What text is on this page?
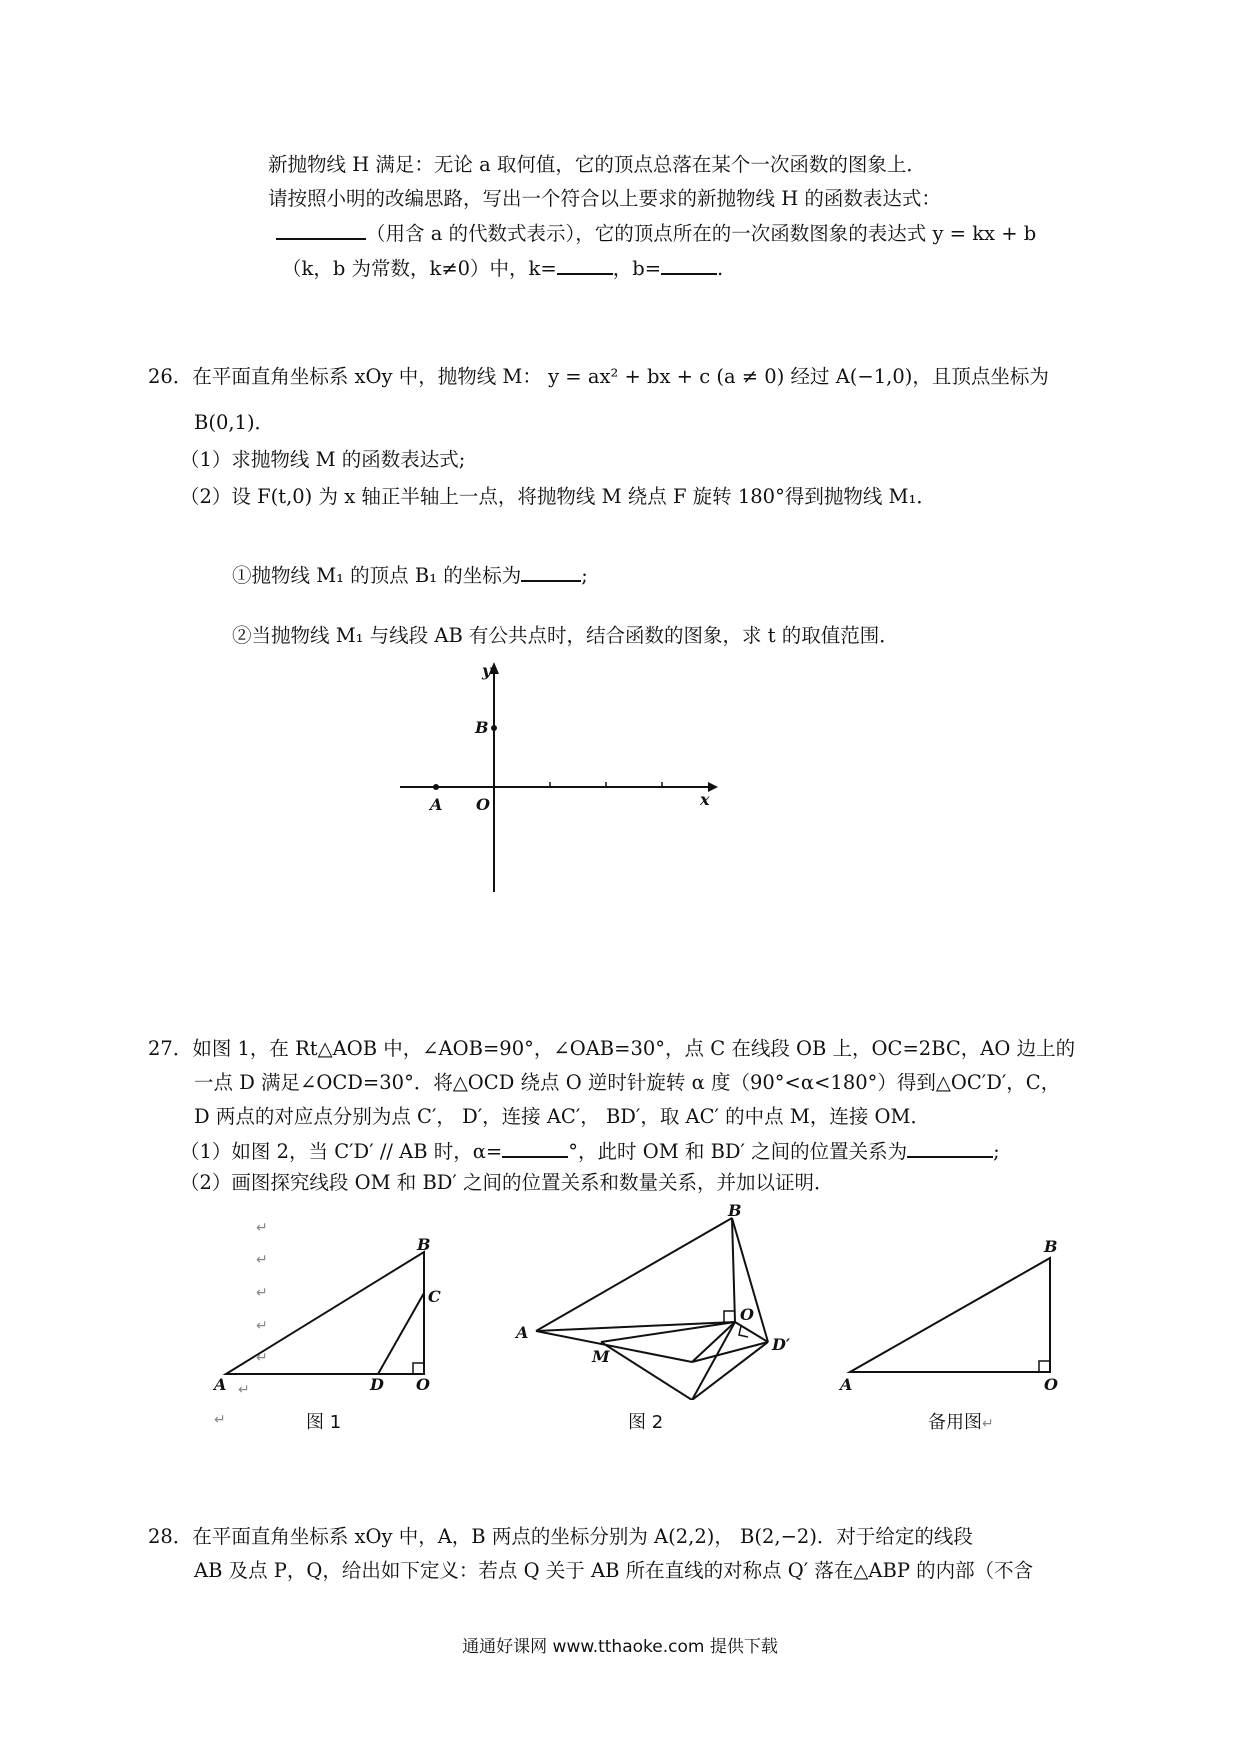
新抛物线 H 满足：无论 a 取何值，它的顶点总落在某个一次函数的图象上．
请按照小明的改编思路，写出一个符合以上要求的新抛物线 H 的函数表达式：
（用含 a 的代数式表示），它的顶点所在的一次函数图象的表达式 y = kx + b
（k，b 为常数，k≠0）中，k=	，b=	.
26．在平面直角坐标系 xOy 中，抛物线 M： y = ax² + bx + c (a ≠ 0) 经过 A(−1,0)，且顶点坐标为
B(0,1)．
（1）求抛物线 M 的函数表达式;
（2）设 F(t,0) 为 x 轴正半轴上一点，将抛物线 M 绕点 F 旋转 180°得到抛物线 M₁．
①抛物线 M₁ 的顶点 B₁ 的坐标为	;
②当抛物线 M₁ 与线段 AB 有公共点时，结合函数的图象，求 t 的取值范围．
y
x
B
A O
27．如图 1，在 Rt△AOB 中，∠AOB=90°，∠OAB=30°，点 C 在线段 OB 上，OC=2BC，AO 边上的
一点 D 满足∠OCD=30°．将△OCD 绕点 O 逆时针旋转 α 度（90°<α<180°）得到△OC′D′，C，
D 两点的对应点分别为点 C′， D′，连接 AC′， BD′，取 AC′ 的中点 M，连接 OM．
（1）如图 2，当 C′D′ // AB 时，α=	°，此时 OM 和 BD′ 之间的位置关系为	;
（2）画图探究线段 OM 和 BD′ 之间的位置关系和数量关系，并加以证明．
↵
↵
↵
↵
↵
↵
↵
A
B
C
D O
图 1
A
B
O
M
D′
图 2
A
B
O
备用图↵
28．在平面直角坐标系 xOy 中，A，B 两点的坐标分别为 A(2,2)， B(2,−2)．对于给定的线段
AB 及点 P，Q，给出如下定义：若点 Q 关于 AB 所在直线的对称点 Q′ 落在△ABP 的内部（不含
通通好课网 www.tthaoke.com 提供下载
